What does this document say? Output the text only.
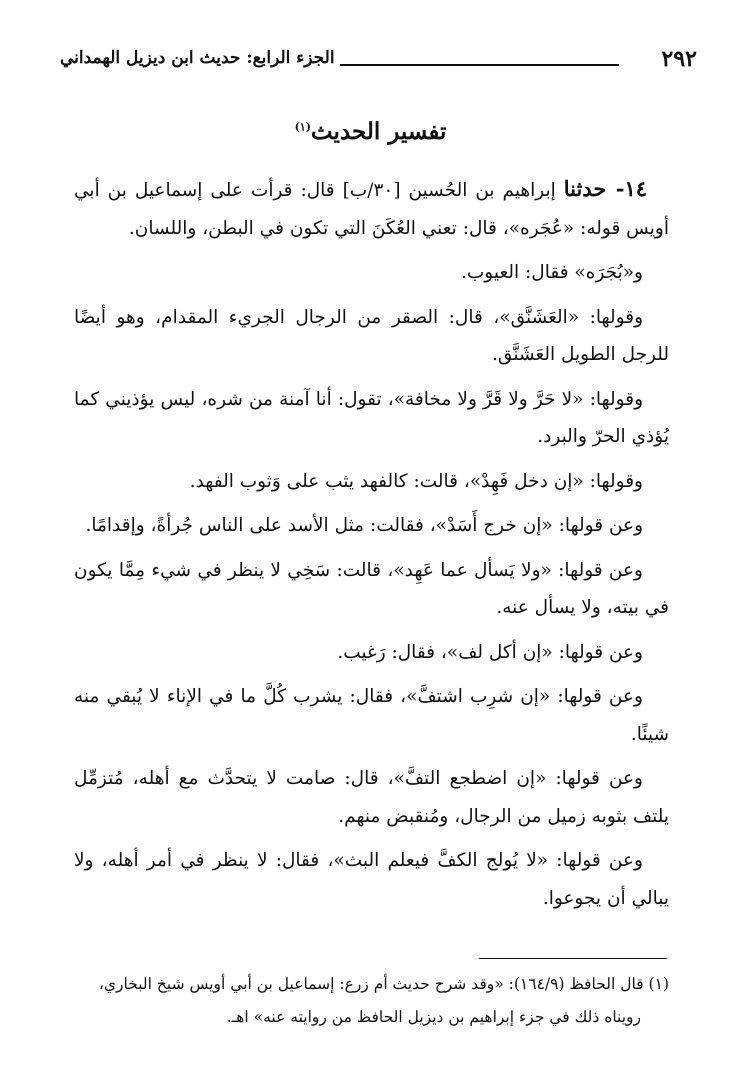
الجزء الرابع: حديث ابن ديزيل الهمداني	٢٩٢
تفسير الحديث$^{(١)}$

١٤- حدثنا إبراهيم بن الحُسين [٣٠/ب] قال: قرأت على إسماعيل بن أبي أويس قوله: «عُجَره»، قال: تعني العُكَنَ التي تكون في البطن، واللسان.

و«بُجَرَه» فقال: العيوب.

وقولها: «العَشَنَّق»، قال: الصقر من الرجال الجريء المقدام، وهو أيضًا للرجل الطويل العَشَنَّق.

وقولها: «لا حَرَّ ولا قَرَّ ولا مخافة»، تقول: أنا آمنة من شره، ليس يؤذيني كما يُؤذي الحرّ والبرد.

وقولها: «إن دخل فَهِدْ»، قالت: كالفهد يثب على وَثوب الفهد.

وعن قولها: «إن خرج أَسَدْ»، فقالت: مثل الأسد على الناس جُرأةً، وإقدامًا.

وعن قولها: «ولا يَسأل عما عَهِد»، قالت: سَخِي لا ينظر في شيء مِمَّا يكون في بيته، ولا يسأل عنه.

وعن قولها: «إن أكل لف»، فقال: رَغيب.

وعن قولها: «إن شرِب اشتفَّ»، فقال: يشرب كُلَّ ما في الإناء لا يُبقي منه شيئًا.

وعن قولها: «إن اضطجع التفَّ»، قال: صامت لا يتحدَّث مع أهله، مُتزمِّل يلتف بثوبه زميل من الرجال، ومُنقبض منهم.

وعن قولها: «لا يُولج الكفَّ فيعلم البث»، فقال: لا ينظر في أمر أهله، ولا يبالي أن يجوعوا.

(١) قال الحافظ (١٦٤/٩): «وقد شرح حديث أم زرع: إسماعيل بن أبي أويس شيخ البخاري،

رويناه ذلك في جزء إبراهيم بن ديزيل الحافظ من روايته عنه» اهـ.
